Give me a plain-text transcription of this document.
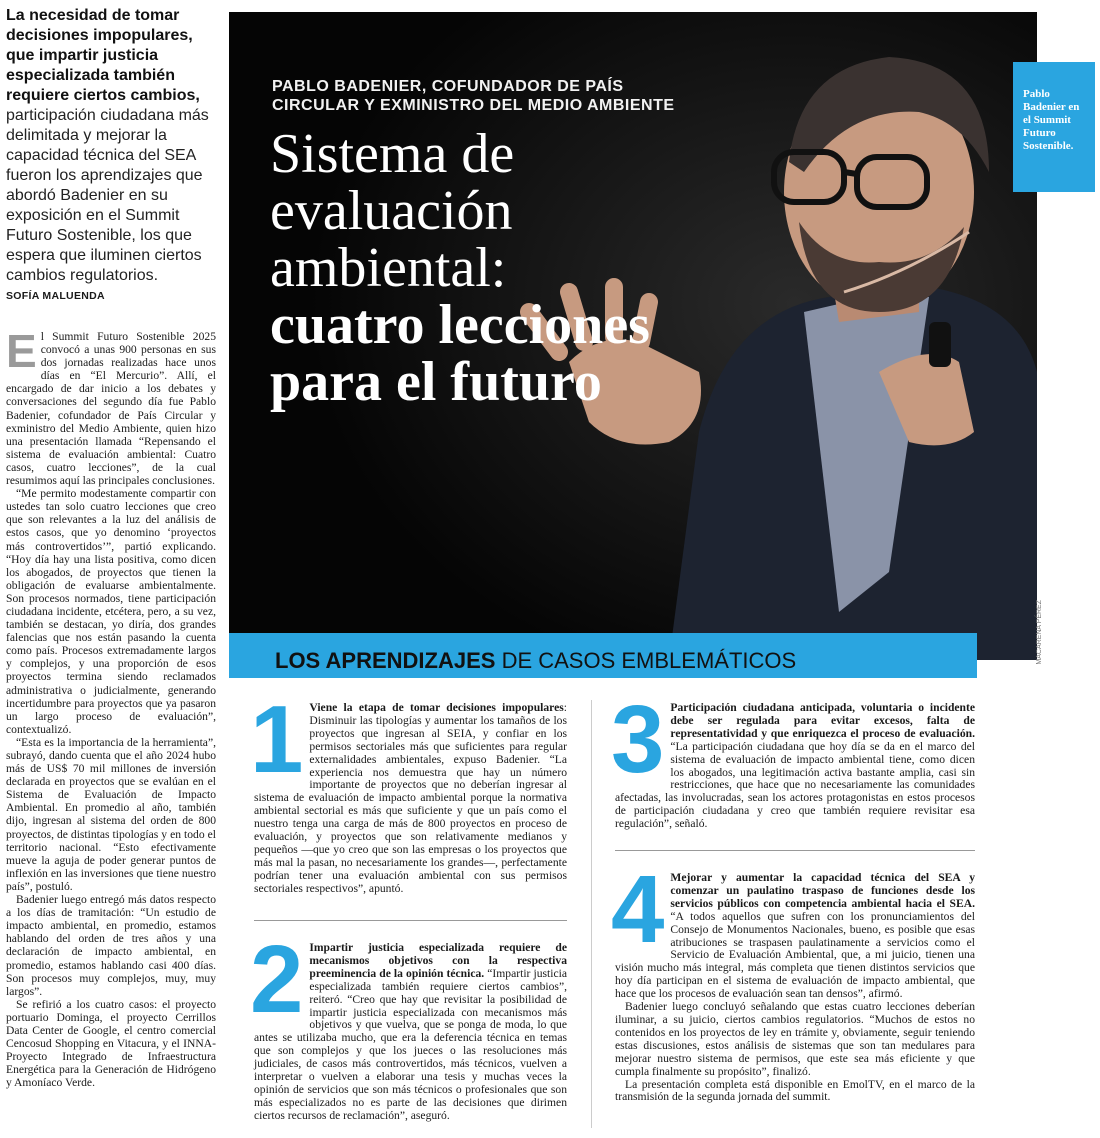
La necesidad de tomar decisiones impopulares, que impartir justicia especializada también requiere ciertos cambios, participación ciudadana más delimitada y mejorar la capacidad técnica del SEA fueron los aprendizajes que abordó Badenier en su exposición en el Summit Futuro Sostenible, los que espera que iluminen ciertos cambios regulatorios.

SOFÍA MALUENDA

El Summit Futuro Sostenible 2025 convocó a unas 900 personas en sus dos jornadas realizadas hace unos días en “El Mercurio”. Allí, el encargado de dar inicio a los debates y conversaciones del segundo día fue Pablo Badenier, cofundador de País Circular y exministro del Medio Ambiente, quien hizo una presentación llamada “Repensando el sistema de evaluación ambiental: Cuatro casos, cuatro lecciones”, de la cual resumimos aquí las principales conclusiones.

“Me permito modestamente compartir con ustedes tan solo cuatro lecciones que creo que son relevantes a la luz del análisis de estos casos, que yo denomino ‘proyectos más controvertidos’”, partió explicando. “Hoy día hay una lista positiva, como dicen los abogados, de proyectos que tienen la obligación de evaluarse ambientalmente. Son procesos normados, tiene participación ciudadana incidente, etcétera, pero, a su vez, también se destacan, yo diría, dos grandes falencias que nos están pasando la cuenta como país. Procesos extremadamente largos y complejos, y una proporción de esos proyectos termina siendo reclamados administrativa o judicialmente, generando incertidumbre para proyectos que ya pasaron un largo proceso de evaluación”, contextualizó.

“Esta es la importancia de la herramienta”, subrayó, dando cuenta que el año 2024 hubo más de US$ 70 mil millones de inversión declarada en proyectos que se evalúan en el Sistema de Evaluación de Impacto Ambiental. En promedio al año, también dijo, ingresan al sistema del orden de 800 proyectos, de distintas tipologías y en todo el territorio nacional. “Esto efectivamente mueve la aguja de poder generar puntos de inflexión en las inversiones que tiene nuestro país”, postuló.

Badenier luego entregó más datos respecto a los días de tramitación: “Un estudio de impacto ambiental, en promedio, estamos hablando del orden de tres años y una declaración de impacto ambiental, en promedio, estamos hablando casi 400 días. Son procesos muy complejos, muy, muy largos”.

Se refirió a los cuatro casos: el proyecto portuario Dominga, el proyecto Cerrillos Data Center de Google, el centro comercial Cencosud Shopping en Vitacura, y el INNA-Proyecto Integrado de Infraestructura Energética para la Generación de Hidrógeno y Amoníaco Verde.

PABLO BADENIER, COFUNDADOR DE PAÍS CIRCULAR Y EXMINISTRO DEL MEDIO AMBIENTE
Sistema de evaluación ambiental:
cuatro lecciones para el futuro
Pablo Badenier en el Summit Futuro Sostenible.
MACARENA PÉREZ
LOS APRENDIZAJES DE CASOS EMBLEMÁTICOS
1 Viene la etapa de tomar decisiones impopulares: Disminuir las tipologías y aumentar los tamaños de los proyectos que ingresan al SEIA, y confiar en los permisos sectoriales más que suficientes para regular externalidades ambientales, expuso Badenier. “La experiencia nos demuestra que hay un número importante de proyectos que no deberían ingresar al sistema de evaluación de impacto ambiental porque la normativa ambiental sectorial es más que suficiente y que un país como el nuestro tenga una carga de más de 800 proyectos en proceso de evaluación, y proyectos que son relativamente medianos y pequeños —que yo creo que son las empresas o los proyectos que más mal la pasan, no necesariamente los grandes—, perfectamente podrían tener una evaluación ambiental con sus permisos sectoriales respectivos”, apuntó.

2 Impartir justicia especializada requiere de mecanismos objetivos con la respectiva preeminencia de la opinión técnica. “Impartir justicia especializada también requiere ciertos cambios”, reiteró. “Creo que hay que revisitar la posibilidad de impartir justicia especializada con mecanismos más objetivos y que vuelva, que se ponga de moda, lo que antes se utilizaba mucho, que era la deferencia técnica en temas que son complejos y que los jueces o las resoluciones más judiciales, de casos más controvertidos, más técnicos, vuelven a interpretar o vuelven a elaborar una tesis y muchas veces la opinión de servicios que son más técnicos o profesionales que son más especializados no es parte de las decisiones que dirimen ciertos recursos de reclamación”, aseguró.

3 Participación ciudadana anticipada, voluntaria o incidente debe ser regulada para evitar excesos, falta de representatividad y que enriquezca el proceso de evaluación. “La participación ciudadana que hoy día se da en el marco del sistema de evaluación de impacto ambiental tiene, como dicen los abogados, una legitimación activa bastante amplia, casi sin restricciones, que hace que no necesariamente las comunidades afectadas, las involucradas, sean los actores protagonistas en estos procesos de participación ciudadana y creo que también requiere revisitar esa regulación”, señaló.

4 Mejorar y aumentar la capacidad técnica del SEA y comenzar un paulatino traspaso de funciones desde los servicios públicos con competencia ambiental hacia el SEA. “A todos aquellos que sufren con los pronunciamientos del Consejo de Monumentos Nacionales, bueno, es posible que esas atribuciones se traspasen paulatinamente a servicios como el Servicio de Evaluación Ambiental, que, a mi juicio, tienen una visión mucho más integral, más completa que tienen distintos servicios que hoy día participan en el sistema de evaluación de impacto ambiental, que hace que los procesos de evaluación sean tan densos”, afirmó.

Badenier luego concluyó señalando que estas cuatro lecciones deberían iluminar, a su juicio, ciertos cambios regulatorios. “Muchos de estos no contenidos en los proyectos de ley en trámite y, obviamente, seguir teniendo estas discusiones, estos análisis de sistemas que son tan medulares para mejorar nuestro sistema de permisos, que este sea más eficiente y que cumpla finalmente su propósito”, finalizó.

La presentación completa está disponible en EmolTV, en el marco de la transmisión de la segunda jornada del summit.
